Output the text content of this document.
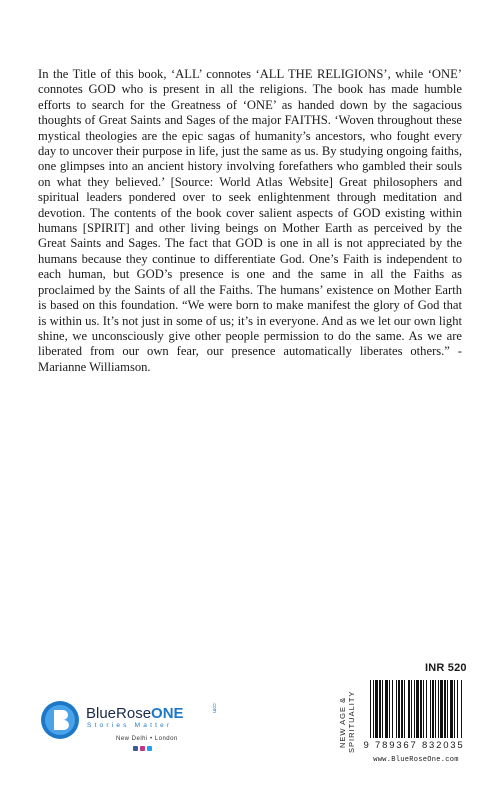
In the Title of this book, ‘ALL’ connotes ‘ALL THE RELIGIONS’, while ‘ONE’ connotes GOD who is present in all the religions. The book has made humble efforts to search for the Greatness of ‘ONE’ as handed down by the sagacious thoughts of Great Saints and Sages of the major FAITHS. ‘Woven throughout these mystical theologies are the epic sagas of humanity’s ancestors, who fought every day to uncover their purpose in life, just the same as us. By studying ongoing faiths, one glimpses into an ancient history involving forefathers who gambled their souls on what they believed.’ [Source: World Atlas Website] Great philosophers and spiritual leaders pondered over to seek enlightenment through meditation and devotion. The contents of the book cover salient aspects of GOD existing within humans [SPIRIT] and other living beings on Mother Earth as perceived by the Great Saints and Sages. The fact that GOD is one in all is not appreciated by the humans because they continue to differentiate God. One’s Faith is independent to each human, but GOD’s presence is one and the same in all the Faiths as proclaimed by the Saints of all the Faiths. The humans’ existence on Mother Earth is based on this foundation. “We were born to make manifest the glory of God that is within us. It’s not just in some of us; it’s in everyone. And as we let our own light shine, we unconsciously give other people permission to do the same. As we are liberated from our own fear, our presence automatically liberates others.” - Marianne Williamson.

INR 520
NEW AGE &
SPIRITUALITY 9 789367 832035
www.BlueRoseOne.com
BlueRoseONE	.com
Stories Matter
New Delhi • London
